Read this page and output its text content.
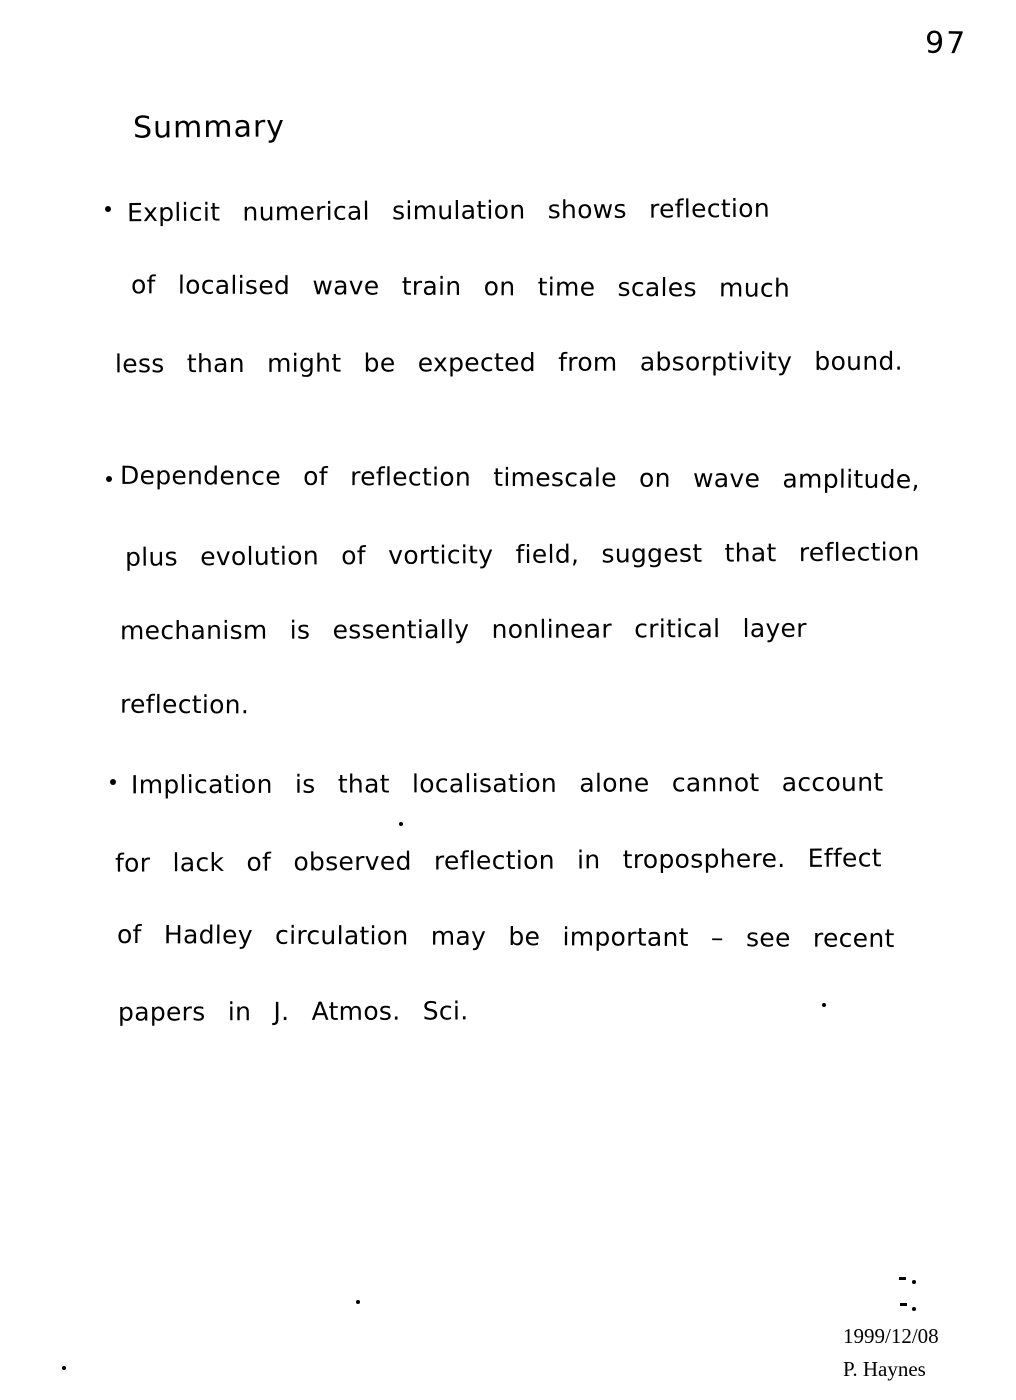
97
Summary
Explicit numerical simulation shows reflection
of localised wave train on time scales much
less than might be expected from absorptivity bound.
Dependence of reflection timescale on wave amplitude,
plus evolution of vorticity field, suggest that reflection
mechanism is essentially nonlinear critical layer
reflection.
Implication is that localisation alone cannot account
for lack of observed reflection in troposphere. Effect
of Hadley circulation may be important – see recent
papers in J. Atmos. Sci.
1999/12/08
P. Haynes
